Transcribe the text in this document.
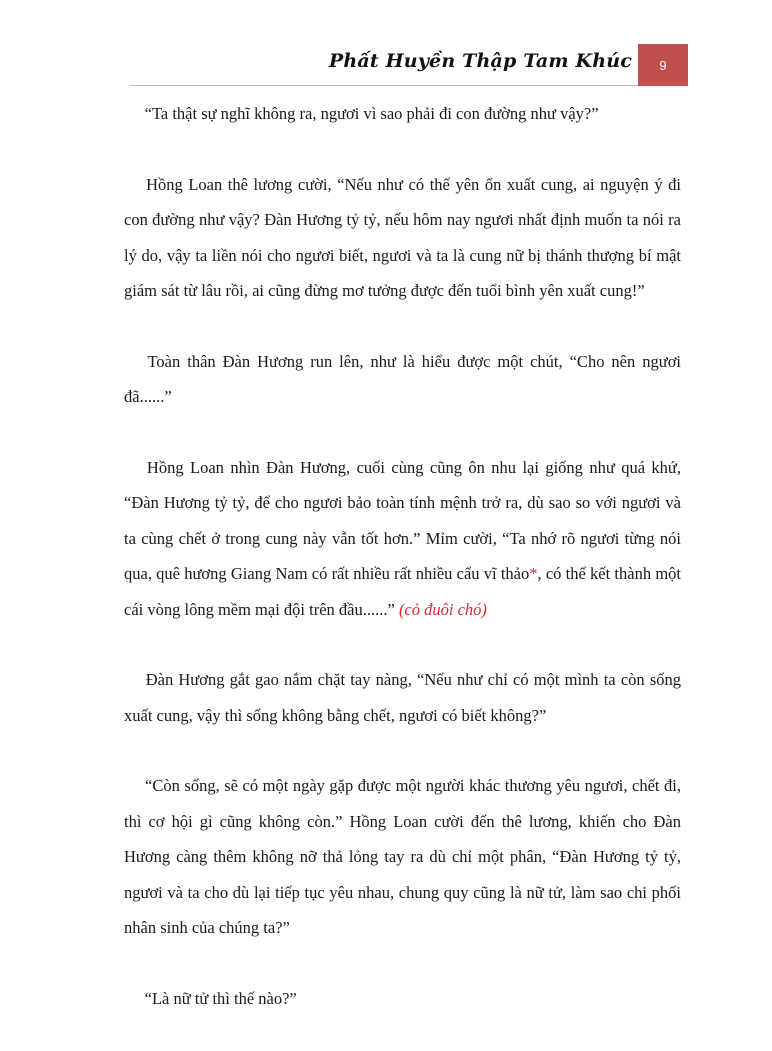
Phất Huyền Thập Tam Khúc	9

  “Ta thật sự nghĩ không ra, ngươi vì sao phải đi con đường như vậy?”

  Hồng Loan thê lương cười, “Nếu như có thể yên ổn xuất cung, ai nguyện ý đi con đường như vậy? Đàn Hương tỷ tỷ, nếu hôm nay ngươi nhất định muốn ta nói ra lý do, vậy ta liền nói cho ngươi biết, ngươi và ta là cung nữ bị thánh thượng bí mật giám sát từ lâu rồi, ai cũng đừng mơ tưởng được đến tuổi bình yên xuất cung!”

  Toàn thân Đàn Hương run lên, như là hiểu được một chút, “Cho nên ngươi đã......”

  Hồng Loan nhìn Đàn Hương, cuối cùng cũng ôn nhu lại giống như quá khứ, “Đàn Hương tỷ tỷ, để cho ngươi bảo toàn tính mệnh trở ra, dù sao so với ngươi và ta cùng chết ở trong cung này vẫn tốt hơn.” Mỉm cười, “Ta nhớ rõ ngươi từng nói qua, quê hương Giang Nam có rất nhiều rất nhiều cẩu vĩ thảo*, có thể kết thành một cái vòng lông mềm mại đội trên đầu......” (cỏ đuôi chó)

  Đàn Hương gắt gao nắm chặt tay nàng, “Nếu như chỉ có một mình ta còn sống xuất cung, vậy thì sống không bằng chết, ngươi có biết không?”

  “Còn sống, sẽ có một ngày gặp được một người khác thương yêu ngươi, chết đi, thì cơ hội gì cũng không còn.” Hồng Loan cười đến thê lương, khiến cho Đàn Hương càng thêm không nỡ thả lỏng tay ra dù chỉ một phân, “Đàn Hương tỷ tỷ, ngươi và ta cho dù lại tiếp tục yêu nhau, chung quy cũng là nữ tử, làm sao chi phối nhân sinh của chúng ta?”

  “Là nữ tử thì thế nào?”
